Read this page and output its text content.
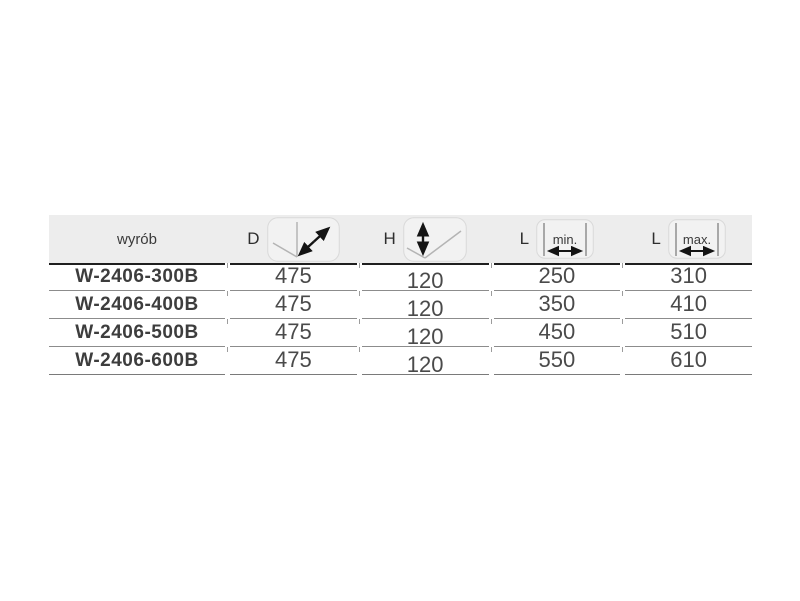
wyrób	D	H	L min.	L max.
W-2406-300B	475	120	250	310
W-2406-400B	475	120	350	410
W-2406-500B	475	120	450	510
W-2406-600B	475	120	550	610
